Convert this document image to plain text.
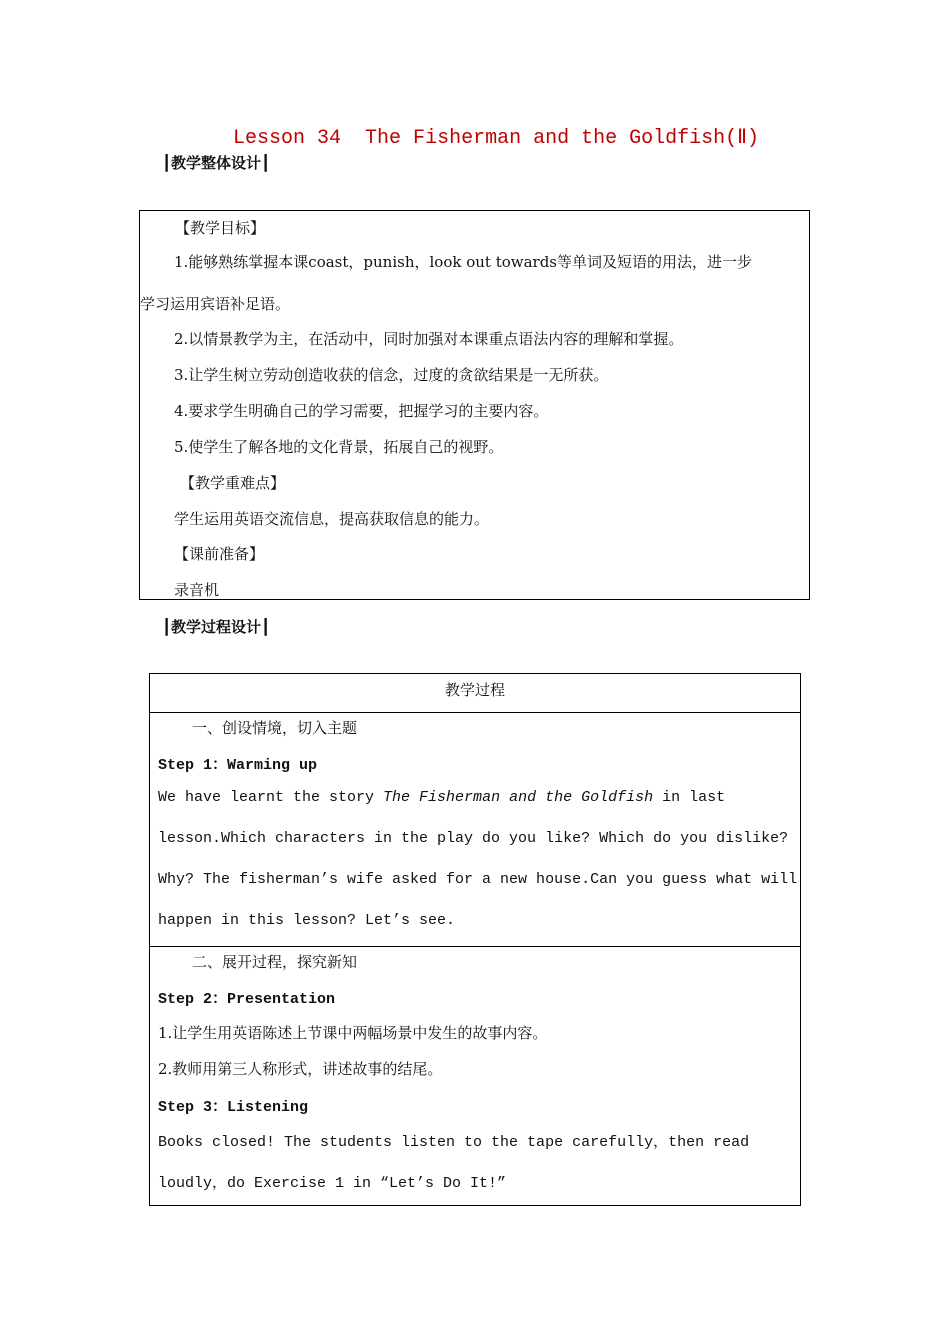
Lesson 34  The Fisherman and the Goldfish(Ⅱ)
┃教学整体设计┃
【教学目标】
1.能够熟练掌握本课coast，punish，look out towards等单词及短语的用法，进一步
学习运用宾语补足语。
2.以情景教学为主，在活动中，同时加强对本课重点语法内容的理解和掌握。
3.让学生树立劳动创造收获的信念，过度的贪欲结果是一无所获。
4.要求学生明确自己的学习需要，把握学习的主要内容。
5.使学生了解各地的文化背景，拓展自己的视野。
【教学重难点】
学生运用英语交流信息，提高获取信息的能力。
【课前准备】
录音机
┃教学过程设计┃
教学过程
一、创设情境，切入主题
Step 1：Warming up
We have learnt the story The Fisherman and the Goldfish in last
lesson.Which characters in the play do you like? Which do you dislike?
Why? The fisherman’s wife asked for a new house.Can you guess what will
happen in this lesson? Let’s see.
二、展开过程，探究新知
Step 2：Presentation
1.让学生用英语陈述上节课中两幅场景中发生的故事内容。
2.教师用第三人称形式，讲述故事的结尾。
Step 3：Listening
Books closed! The students listen to the tape carefully，then read
loudly，do Exercise 1 in “Let’s Do It!”
